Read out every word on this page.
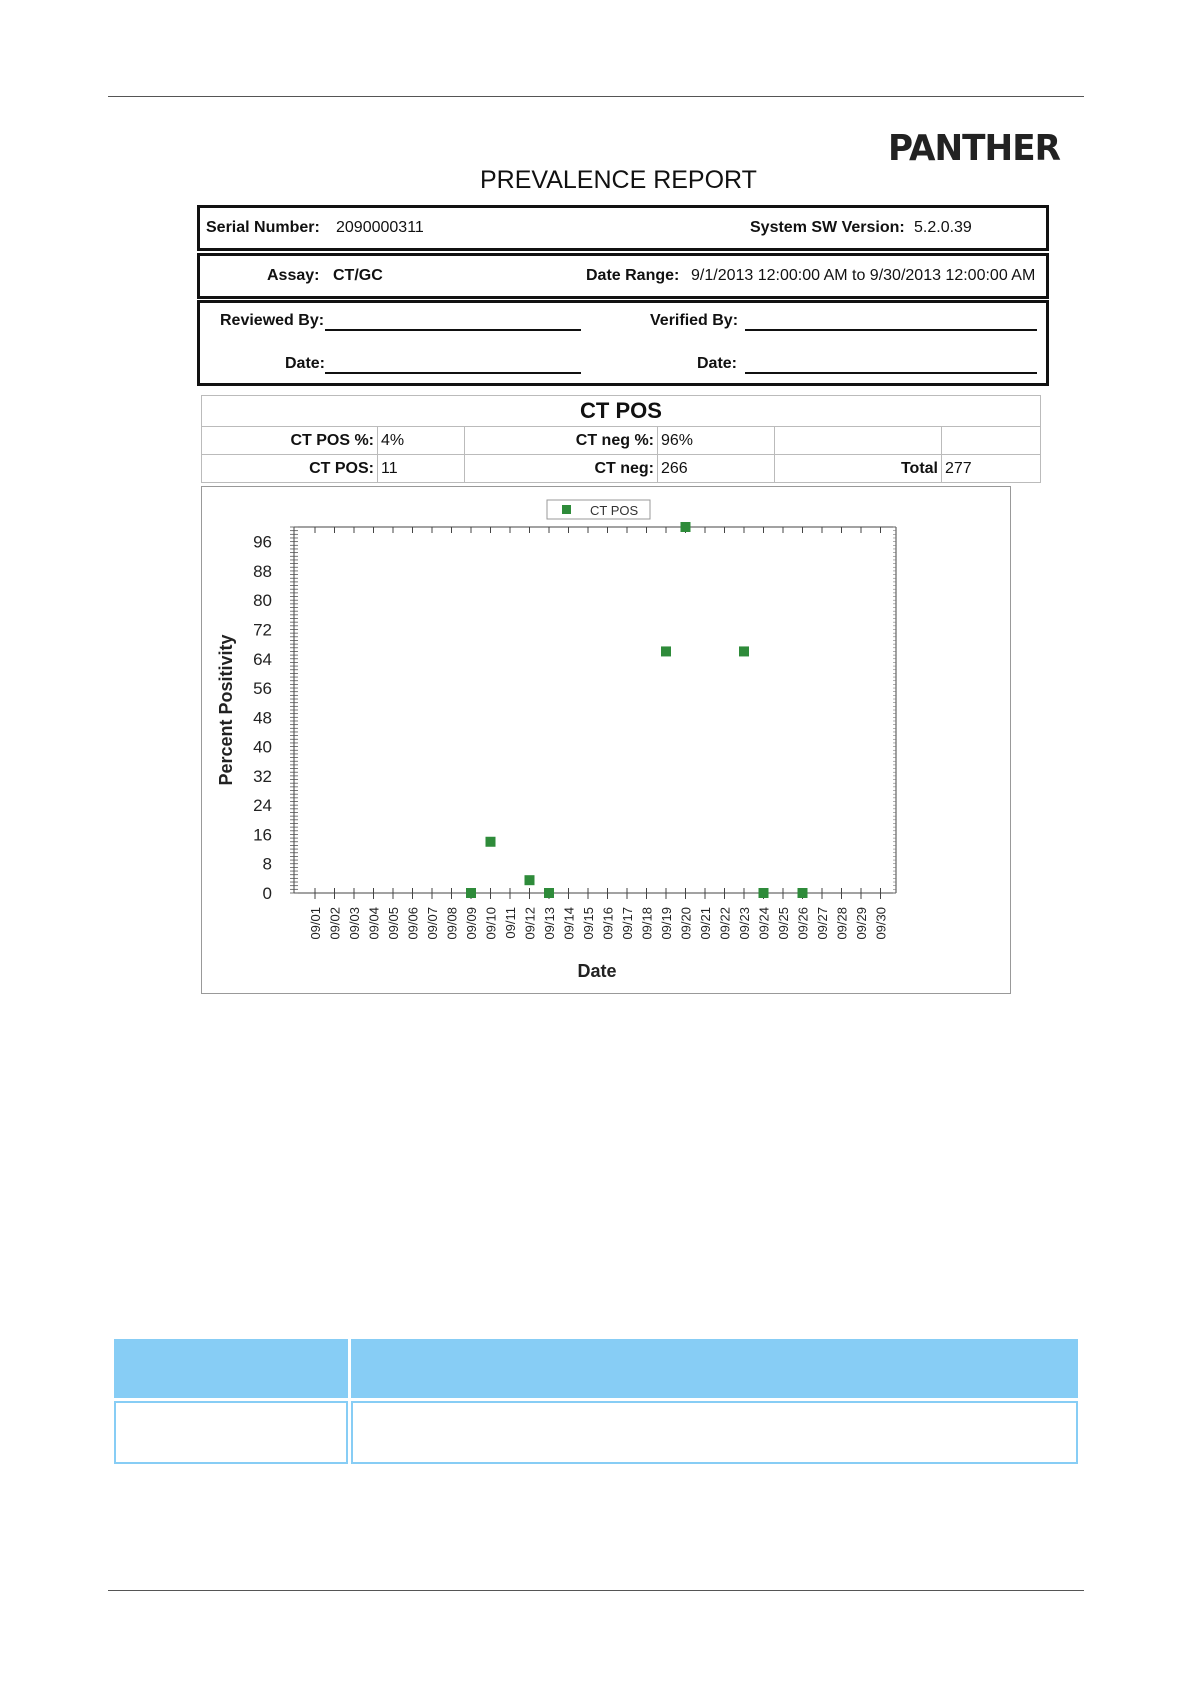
PANTHER
PREVALENCE REPORT
Serial Number: 2090000311	System SW Version: 5.2.0.39
Assay: CT/GC	Date Range: 9/1/2013 12:00:00 AM to 9/30/2013 12:00:00 AM
Reviewed By:	Verified By:
Date:	Date:
CT POS					
CT POS %:	4%	CT neg %:	96%		
CT POS:	11	CT neg:	266	Total	277
0
8
16
24
32
40
48
56
64
72
80
88
96
09/01 09/02 09/03 09/04 09/05 09/06 09/07 09/08 09/09 09/10 09/11 09/12 09/13 09/14 09/15 09/16 09/17 09/18 09/19 09/20 09/21 09/22 09/23 09/24 09/25 09/26 09/27 09/28 09/29 09/30
Date
Percent Positivity
CT POS
